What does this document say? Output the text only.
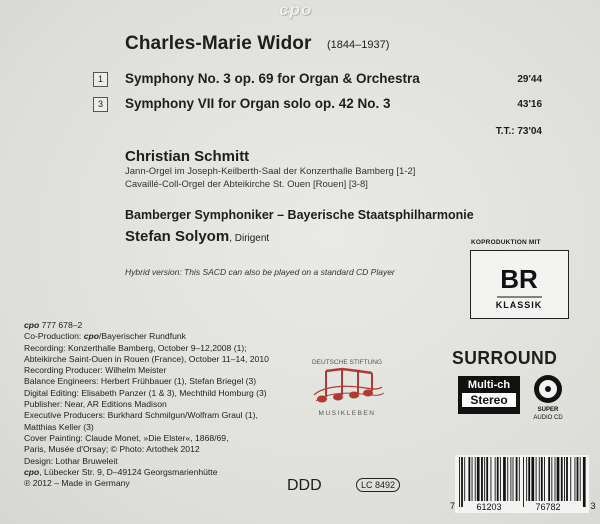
cpo
Charles-Marie Widor (1844–1937)
1	Symphony No. 3 op. 69 for Organ & Orchestra	29'44
3	Symphony VII for Organ solo op. 42 No. 3	43'16
T.T.: 73'04
Christian Schmitt
Jann-Orgel im Joseph-Keilberth-Saal der Konzerthalle Bamberg [1-2]
Cavaillé-Coll-Orgel der Abteikirche St. Ouen [Rouen] [3-8]
Bamberger Symphoniker – Bayerische Staatsphilharmonie
Stefan Solyom, Dirigent	KOPRODUKTION MIT
Hybrid version: This SACD can also be played on a standard CD Player	BR
KLASSIK
cpo 777 678–2
Co-Production: cpo/Bayerischer Rundfunk
Recording: Konzerthalle Bamberg, October 9–12,2008 (1);
Abteikirche Saint-Ouen in Rouen (France), October 11–14, 2010
Recording Producer: Wilhelm Meister
Balance Engineers: Herbert Frühbauer (1), Stefan Briegel (3)
Digital Editing: Elisabeth Panzer (1 & 3), Mechthild Homburg (3)
Publisher: Near, AR Editions Madison
Executive Producers: Burkhard Schmilgun/Wolfram Graul (1),
Matthias Keller (3)
Cover Painting: Claude Monet, »Die Elster«, 1868/69,
Paris, Musée d'Orsay; © Photo: Artothek 2012
Design: Lothar Bruweleit
cpo, Lübecker Str. 9, D–49124 Georgsmarienhütte
℗ 2012 – Made in Germany
DEUTSCHE STIFTUNG
MUSIKLEBEN
SURROUND
Multi-ch
Stereo
SUPER
AUDIO CD
DDD	LC 8492
7 61203	76782	3
